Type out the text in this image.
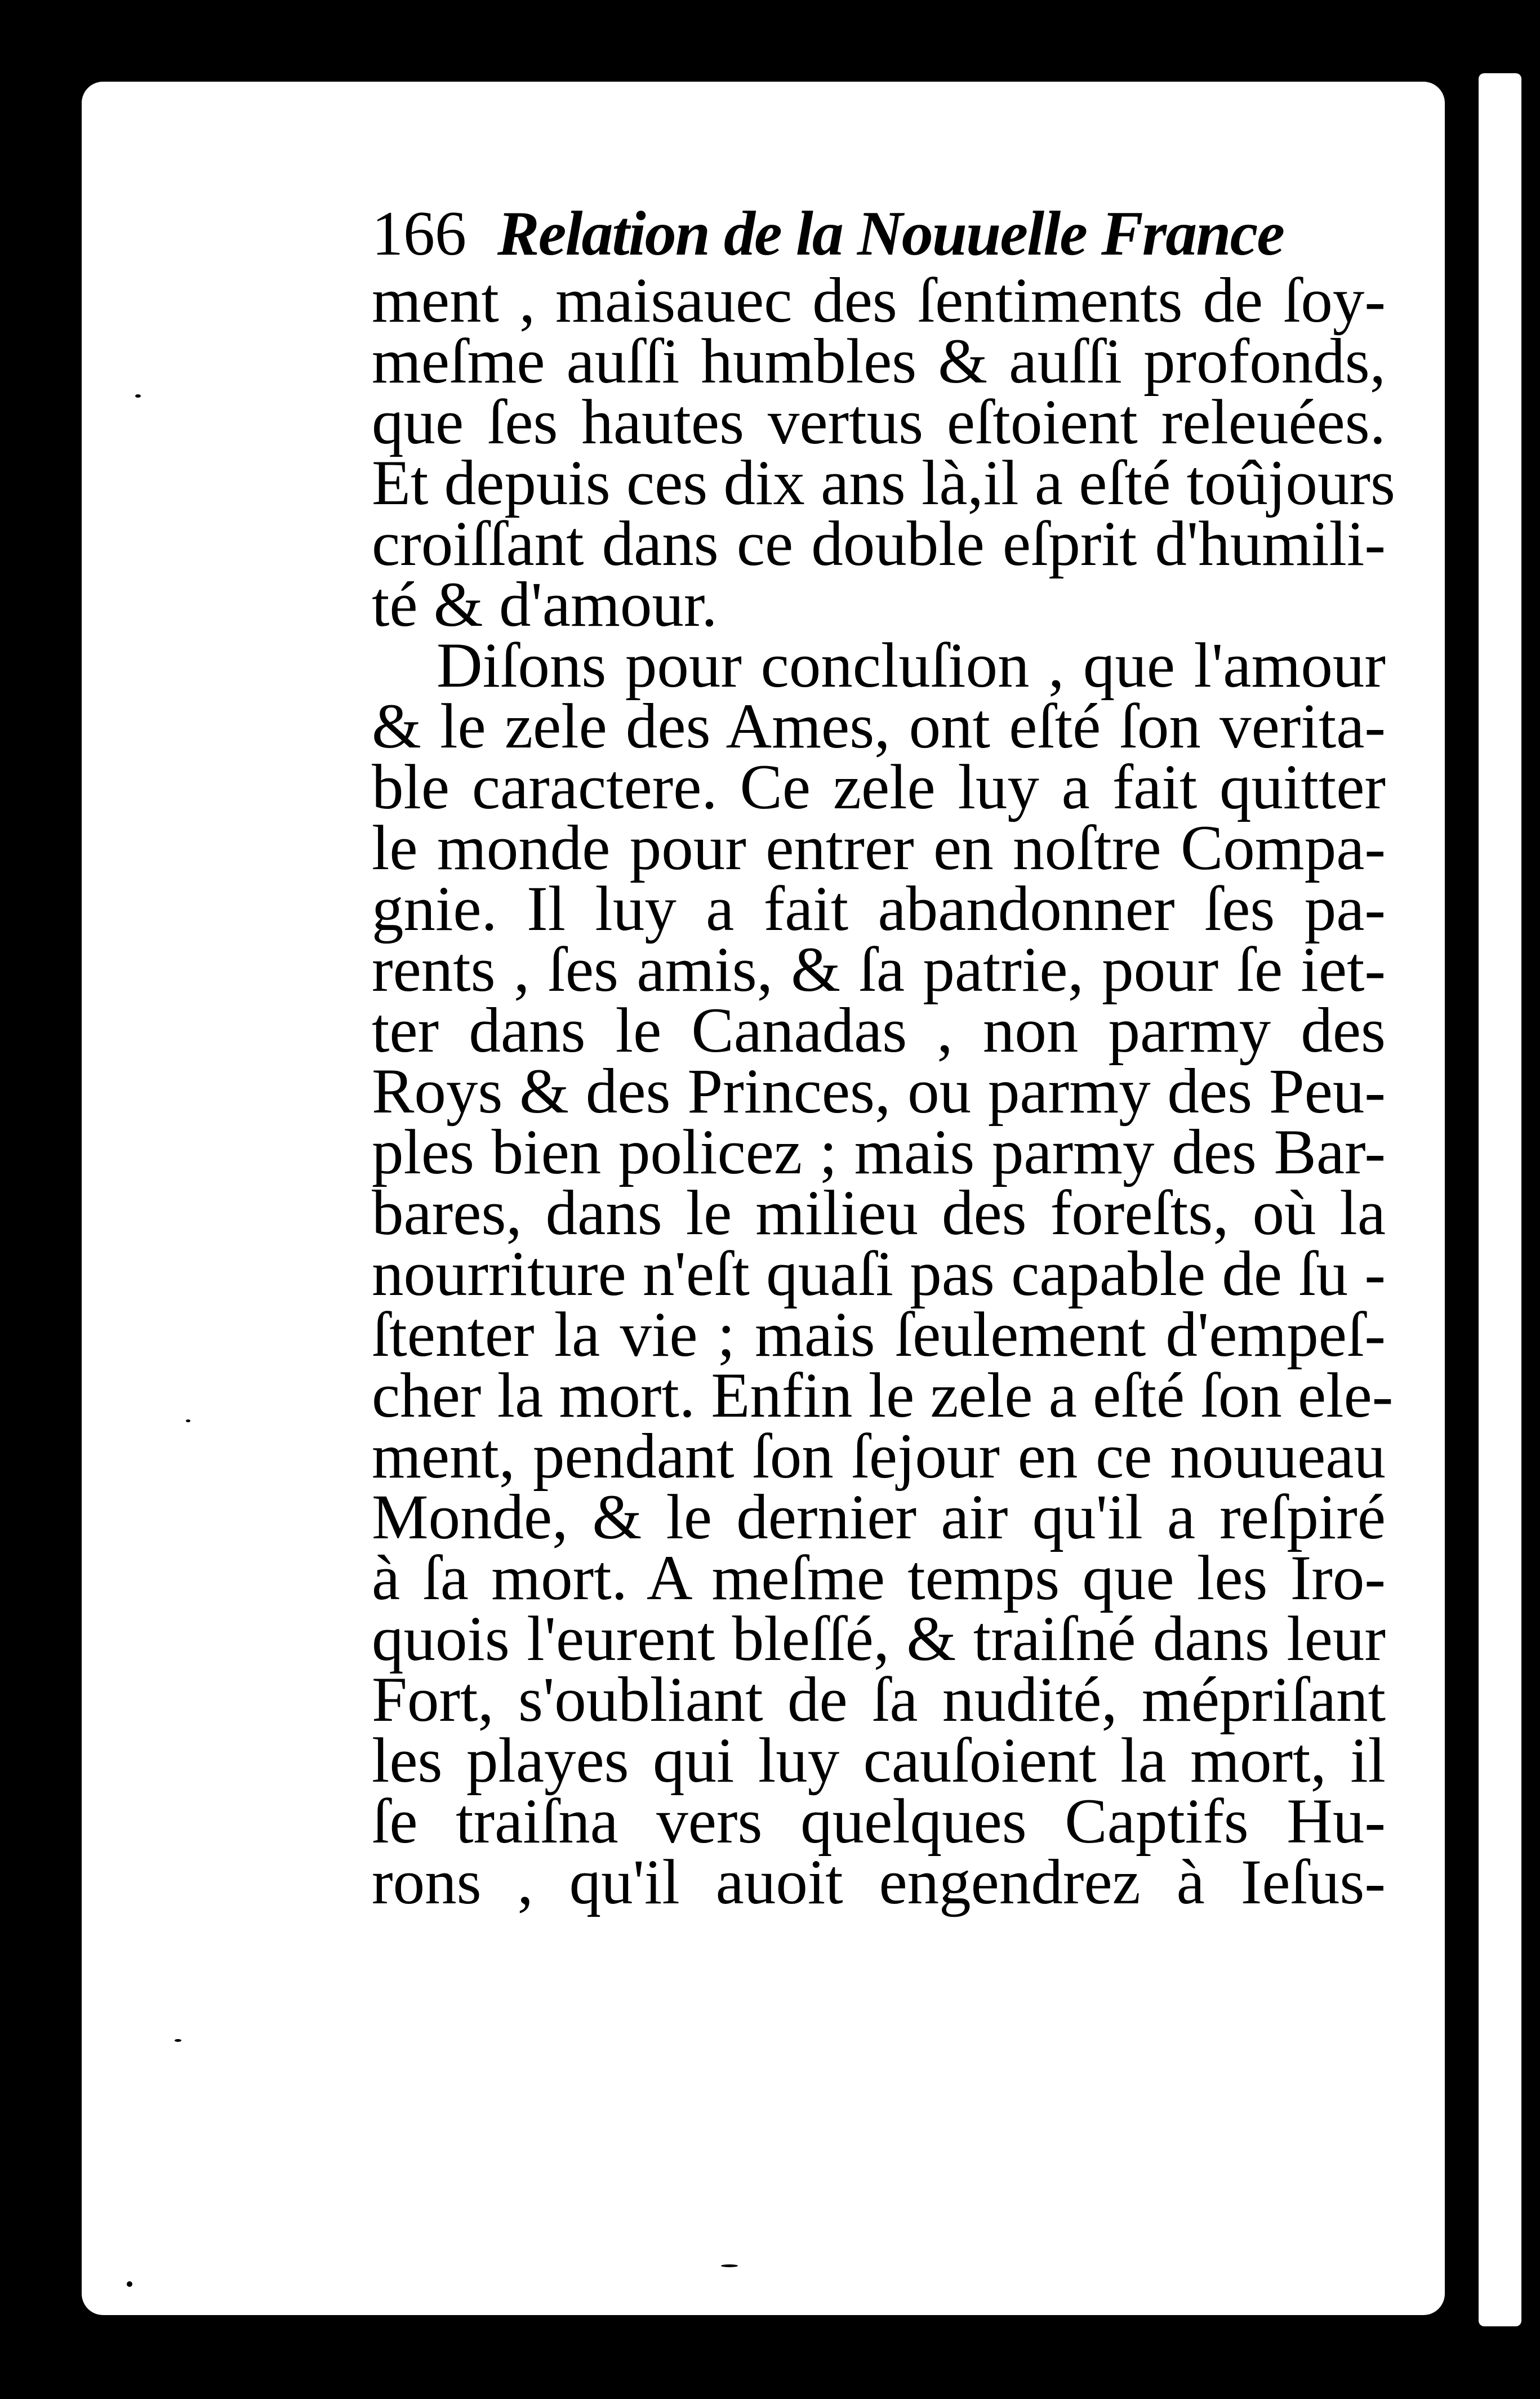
166 Relation de la Nouuelle France
ment , maisauec des ſentiments de ſoy-
meſme auſſi humbles & auſſi profonds,
que ſes hautes vertus eſtoient releuées.
Et depuis ces dix ans là,il a eſté toûjours
croiſſant dans ce double eſprit d'humili-
té & d'amour.
Diſons pour concluſion , que l'amour
& le zele des Ames, ont eſté ſon verita-
ble caractere. Ce zele luy a fait quitter
le monde pour entrer en noſtre Compa-
gnie. Il luy a fait abandonner ſes pa-
rents , ſes amis, & ſa patrie, pour ſe iet-
ter dans le Canadas , non parmy des
Roys & des Princes, ou parmy des Peu-
ples bien policez ; mais parmy des Bar-
bares, dans le milieu des foreſts, où la
nourriture n'eſt quaſi pas capable de ſu -
ſtenter la vie ; mais ſeulement d'empeſ-
cher la mort. Enfin le zele a eſté ſon ele-
ment, pendant ſon ſejour en ce nouueau
Monde, & le dernier air qu'il a reſpiré
à ſa mort. A meſme temps que les Iro-
quois l'eurent bleſſé, & traiſné dans leur
Fort, s'oubliant de ſa nudité, mépriſant
les playes qui luy cauſoient la mort, il
ſe traiſna vers quelques Captifs Hu-
rons , qu'il auoit engendrez à Ieſus-
